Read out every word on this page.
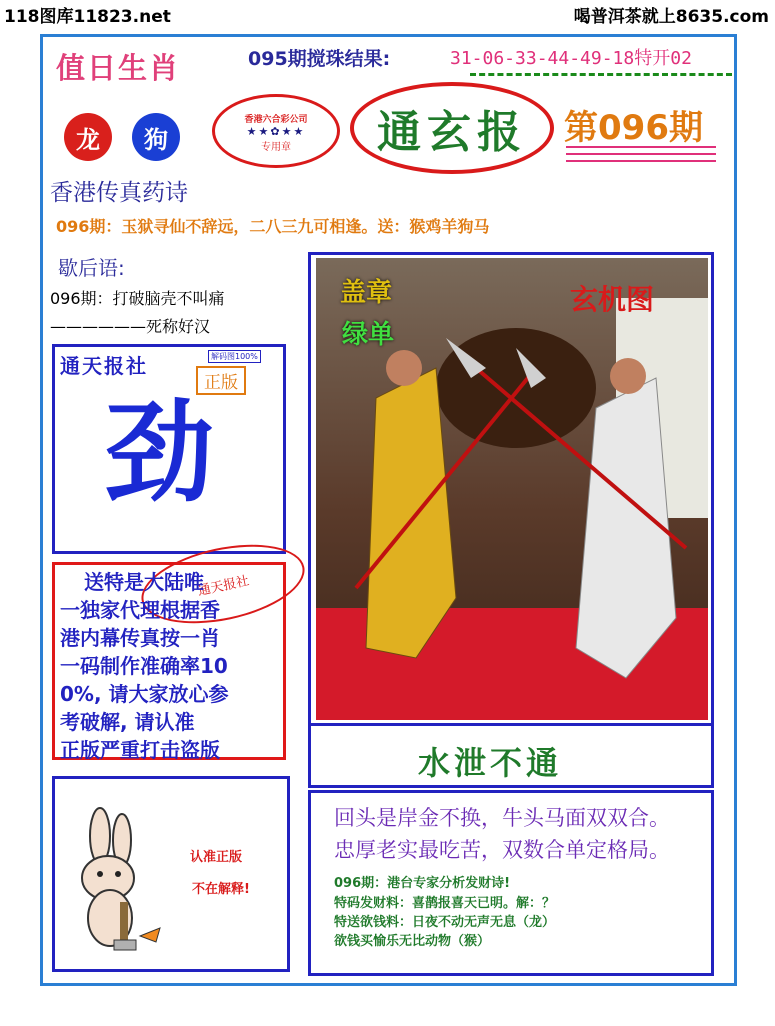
118图库11823.net	喝普洱茶就上8635.com
值日生肖	095期搅珠结果:	31-06-33-44-49-18特开02
龙	狗
香港六合彩公司
★★✿★★
专用章	通玄报	第096期
香港传真药诗
096期：玉狱寻仙不辞远，二八三九可相逢。送：猴鸡羊狗马
歇后语:
096期：打破脑壳不叫痛
——————死称好汉
通天报社	解码图100%
正版
劲
通天报社
送特是大陆唯
一独家代理根据香
港内幕传真按一肖
一码制作准确率10
0%, 请大家放心参
考破解, 请认准
正版严重打击盗版
认准正版
不在解释!
盖章
绿单
玄机图
水泄不通
回头是岸金不换，牛头马面双双合。
忠厚老实最吃苦，双数合单定格局。
096期：港台专家分析发财诗!
特码发财料：喜鹊报喜天已明。解：？
特送欲钱料：日夜不动无声无息（龙）
欲钱买愉乐无比动物（猴）
